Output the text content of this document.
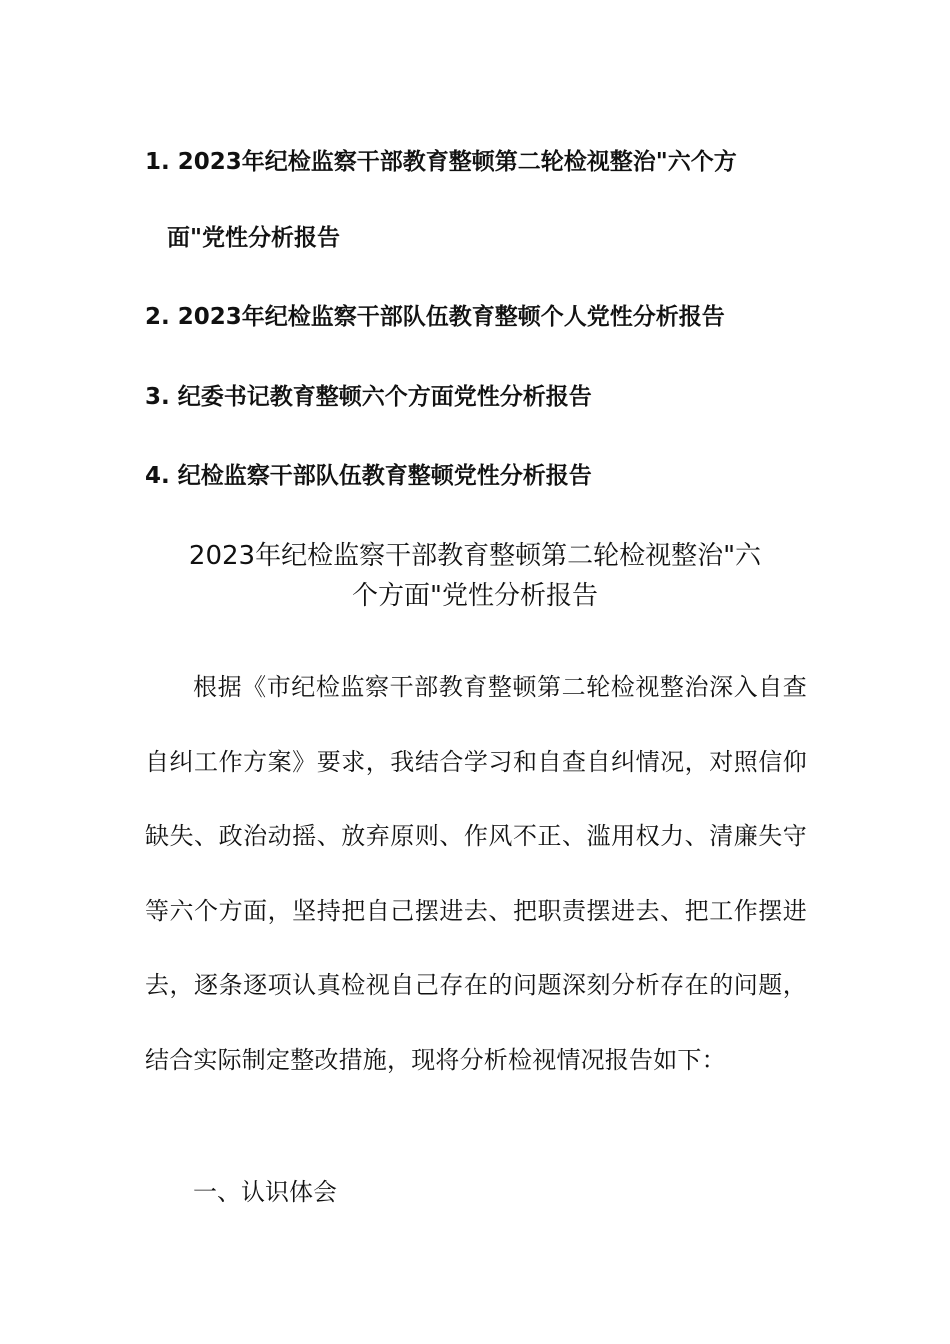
1. 2023年纪检监察干部教育整顿第二轮检视整治"六个方
面"党性分析报告

2. 2023年纪检监察干部队伍教育整顿个人党性分析报告

3. 纪委书记教育整顿六个方面党性分析报告

4. 纪检监察干部队伍教育整顿党性分析报告

2023年纪检监察干部教育整顿第二轮检视整治"六
个方面"党性分析报告

根据《市纪检监察干部教育整顿第二轮检视整治深入自查自纠工作方案》要求，我结合学习和自查自纠情况，对照信仰缺失、政治动摇、放弃原则、作风不正、滥用权力、清廉失守等六个方面，坚持把自己摆进去、把职责摆进去、把工作摆进去，逐条逐项认真检视自己存在的问题深刻分析存在的问题，结合实际制定整改措施，现将分析检视情况报告如下：

一、认识体会
